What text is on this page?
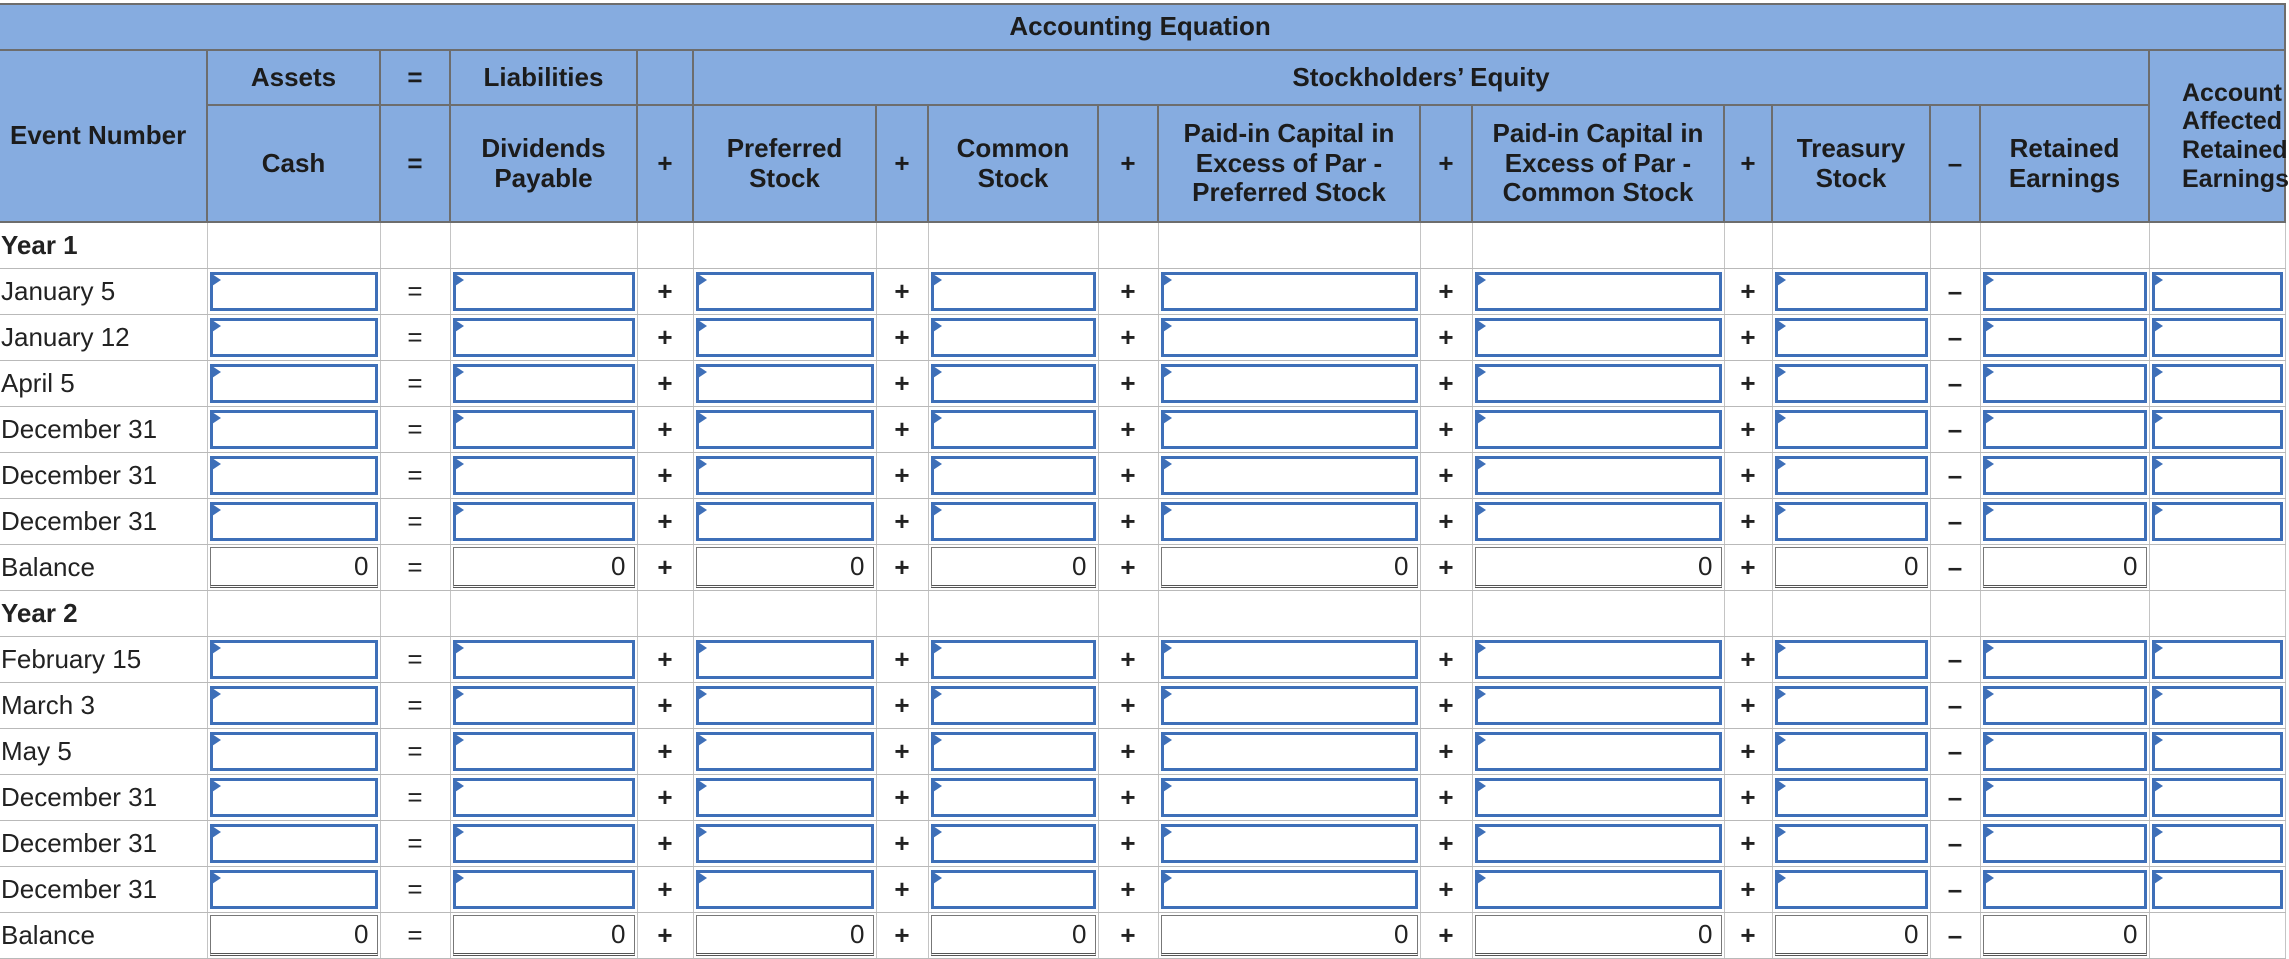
Accounting Equation																
Event Number	Assets	=	Liabilities		Stockholders’ Equity											Account Affected Retained Earnings
	Cash	=	Dividends Payable	+	Preferred Stock	+	Common Stock	+	Paid-in Capital in Excess of Par - Preferred Stock	+	Paid-in Capital in Excess of Par - Common Stock	+	Treasury Stock	–	Retained Earnings	
Year 1																
January 5		=		+		+		+		+		+		–	

January 12		=		+		+		+		+		+		–	

April 5		=		+		+		+		+		+		–	

December 31		=		+		+		+		+		+		–	

December 31		=		+		+		+		+		+		–	

December 31		=		+		+		+		+		+		–	

Balance	0	=	0	+	0	+	0	+	0	+	0	+	0	–	0	

Year 2																
February 15		=		+		+		+		+		+		–	

March 3		=		+		+		+		+		+		–	

May 5		=		+		+		+		+		+		–	

December 31		=		+		+		+		+		+		–	

December 31		=		+		+		+		+		+		–	

December 31		=		+		+		+		+		+		–	

Balance	0	=	0	+	0	+	0	+	0	+	0	+	0	–	0	
